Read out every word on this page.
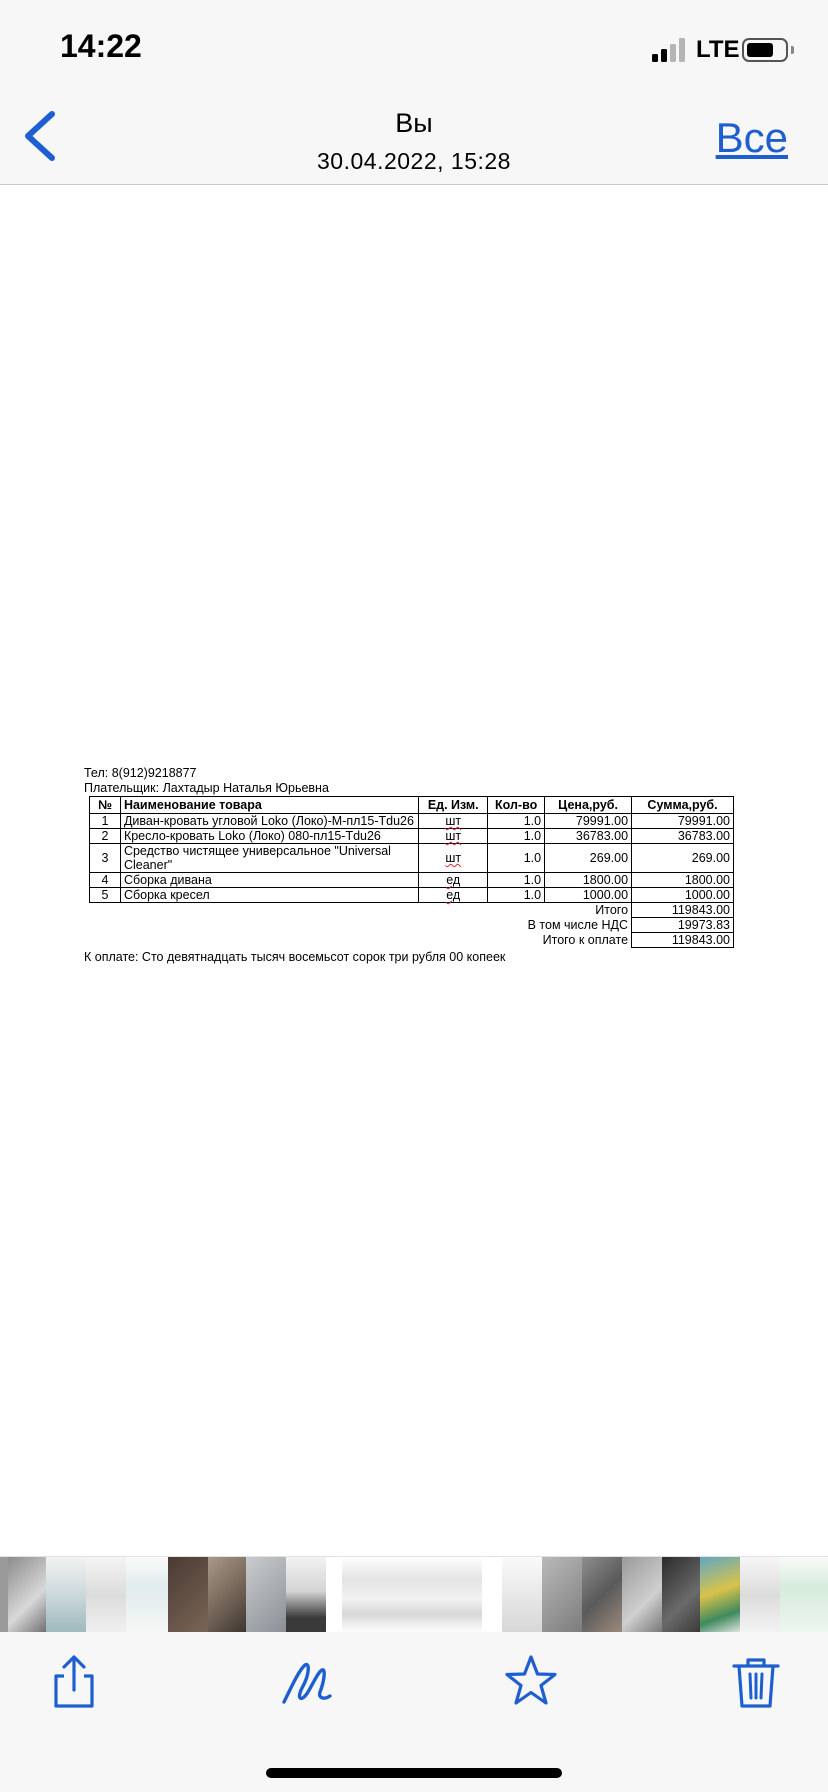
14:22	LTE
Вы
30.04.2022, 15:28	Все
Тел: 8(912)9218877
Плательщик: Лахтадыр Наталья Юрьевна
№	Наименование товара	Ед. Изм.	Кол-во	Цена,руб.	Сумма,руб.
1	Диван-кровать угловой Loko (Локо)-М-пл15-Tdu26	шт	1.0	79991.00	79991.00
2	Кресло-кровать Loko (Локо) 080-пл15-Tdu26	шт	1.0	36783.00	36783.00
3	Средство чистящее универсальное "Universal Cleaner"	шт	1.0	269.00	269.00
4	Сборка дивана	ед	1.0	1800.00	1800.00
5	Сборка кресел	ед	1.0	1000.00	1000.00
Итого					119843.00
В том числе НДС					19973.83
Итого к оплате					119843.00
К оплате: Сто девятнадцать тысяч восемьсот сорок три рубля 00 копеек
